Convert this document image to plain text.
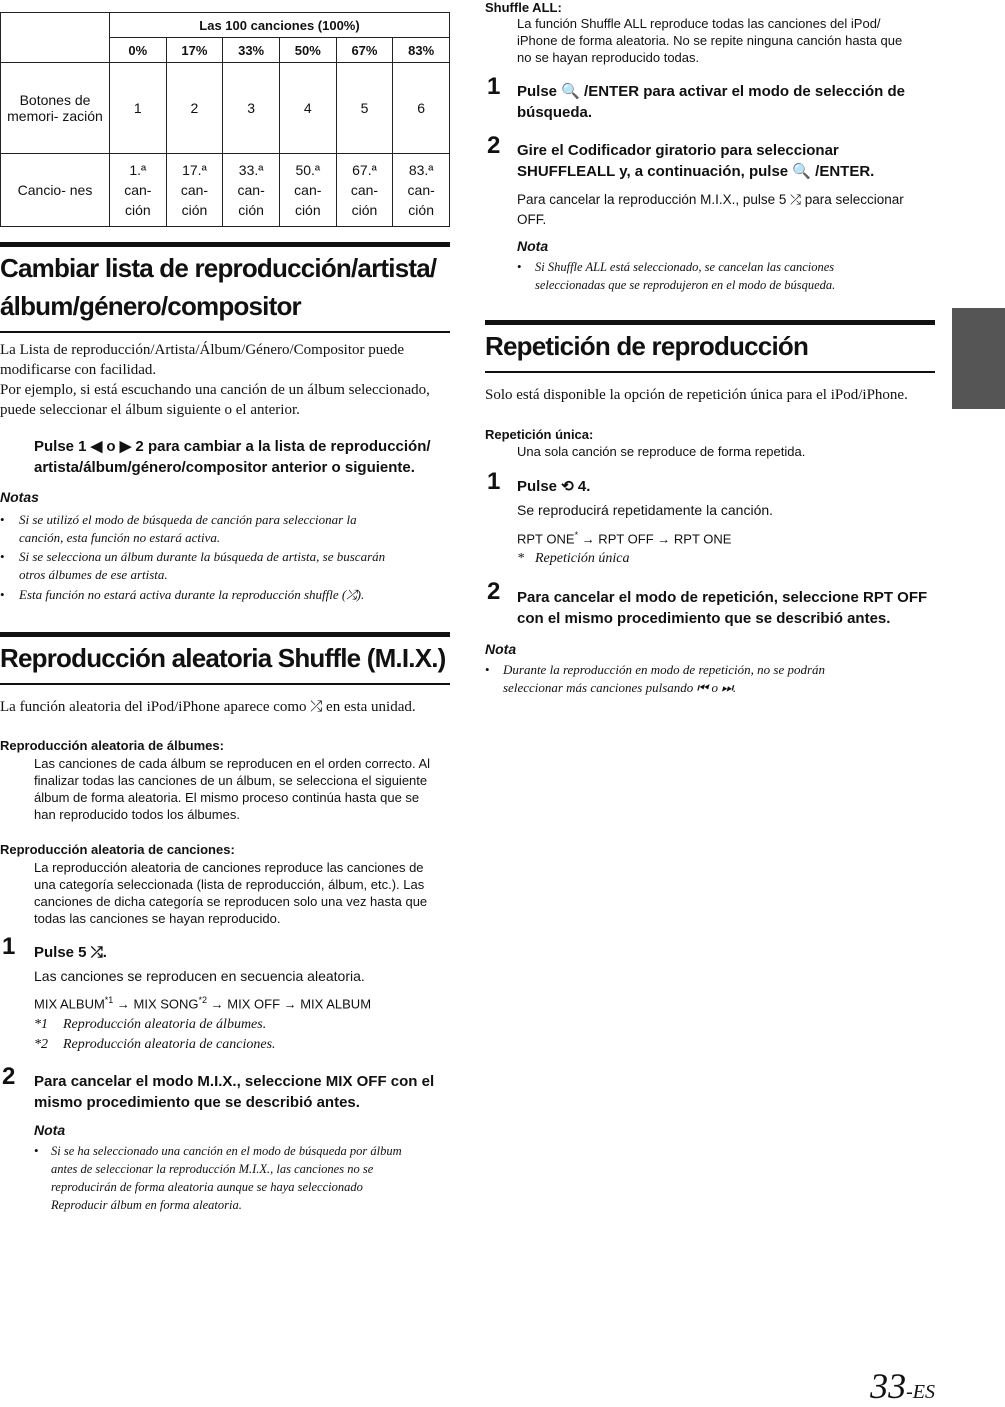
	Las 100 canciones (100%)					
	0%	17%	33%	50%	67%	83%
Botones de memori- zación	1	2	3	4	5	6
Cancio- nes	1.ª can- ción	17.ª can- ción	33.ª can- ción	50.ª can- ción	67.ª can- ción	83.ª can- ción
Cambiar lista de reproducción/artista/
álbum/género/compositor
La Lista de reproducción/Artista/Álbum/Género/Compositor puede
modificarse con facilidad.
Por ejemplo, si está escuchando una canción de un álbum seleccionado,
puede seleccionar el álbum siguiente o el anterior.
Pulse 1 ◀ o ▶ 2 para cambiar a la lista de reproducción/
artista/álbum/género/compositor anterior o siguiente.
Notas
• Si se utilizó el modo de búsqueda de canción para seleccionar la
canción, esta función no estará activa.
• Si se selecciona un álbum durante la búsqueda de artista, se buscarán
otros álbumes de ese artista.
• Esta función no estará activa durante la reproducción shuffle (⤮).
Reproducción aleatoria Shuffle (M.I.X.)
La función aleatoria del iPod/iPhone aparece como ⤮ en esta unidad.
Reproducción aleatoria de álbumes:
Las canciones de cada álbum se reproducen en el orden correcto. Al
finalizar todas las canciones de un álbum, se selecciona el siguiente
álbum de forma aleatoria. El mismo proceso continúa hasta que se
han reproducido todos los álbumes.
Reproducción aleatoria de canciones:
La reproducción aleatoria de canciones reproduce las canciones de
una categoría seleccionada (lista de reproducción, álbum, etc.). Las
canciones de dicha categoría se reproducen solo una vez hasta que
todas las canciones se hayan reproducido.
1 Pulse 5 ⤮.
Las canciones se reproducen en secuencia aleatoria.
MIX $ALBUM^{*1}$ → MIX $SONG^{*2}$ → MIX OFF → MIX ALBUM
*1 Reproducción aleatoria de álbumes.
*2 Reproducción aleatoria de canciones.
2 Para cancelar el modo M.I.X., seleccione MIX OFF con el
mismo procedimiento que se describió antes.
Nota
• Si se ha seleccionado una canción en el modo de búsqueda por álbum
antes de seleccionar la reproducción M.I.X., las canciones no se
reproducirán de forma aleatoria aunque se haya seleccionado
Reproducir álbum en forma aleatoria.
Shuffle ALL:
La función Shuffle ALL reproduce todas las canciones del iPod/
iPhone de forma aleatoria. No se repite ninguna canción hasta que
no se hayan reproducido todas.
1 Pulse 🔍 /ENTER para activar el modo de selección de
búsqueda.
2 Gire el Codificador giratorio para seleccionar
SHUFFLEALL y, a continuación, pulse 🔍 /ENTER.
Para cancelar la reproducción M.I.X., pulse 5 ⤮ para seleccionar
OFF.
Nota
• Si Shuffle ALL está seleccionado, se cancelan las canciones
seleccionadas que se reprodujeron en el modo de búsqueda.
Repetición de reproducción
Solo está disponible la opción de repetición única para el iPod/iPhone.
Repetición única:
Una sola canción se reproduce de forma repetida.
1 Pulse ⟲ 4.
Se reproducirá repetidamente la canción.
RPT ONE* → RPT OFF → RPT ONE
* Repetición única
2 Para cancelar el modo de repetición, seleccione RPT OFF
con el mismo procedimiento que se describió antes.
Nota
• Durante la reproducción en modo de repetición, no se podrán
seleccionar más canciones pulsando ⏮ o ⏭.
33-ES
